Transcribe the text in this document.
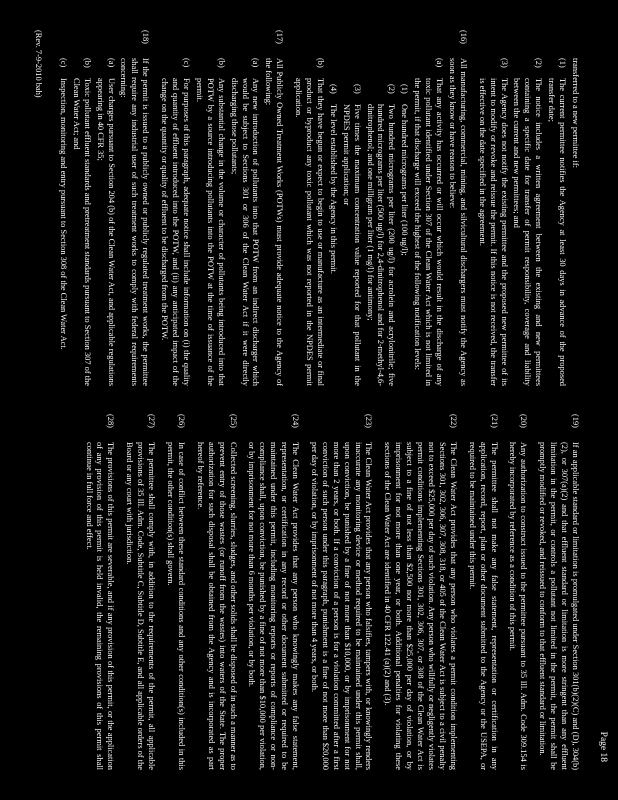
Page 18

transferred to a new permittee if:

(1)
The current permittee notifies the Agency at least 30 days in advance of the proposed transfer date;
(2)
The notice includes a written agreement between the existing and new permittees containing a specific date for transfer of permit responsibility, coverage and liability between the current and new permittees; and
(3)
The Agency does not notify the existing permittee and the proposed new permittee of its intent to modify or revoke and reissue the permit. If this notice is not received, the transfer is effective on the date specified in the agreement.
(16)

All manufacturing, commercial, mining, and silvicultural dischargers must notify the Agency as soon as they know or have reason to believe:

(a)
That any activity has occurred or will occur which would result in the discharge of any toxic pollutant identified under Section 307 of the Clean Water Act which is not limited in the permit, if that discharge will exceed the highest of the following notification levels:
(1)
One hundred micrograms per liter (100 ug/l);
(2)
Two hundred micrograms per liter (200 ug/l) for acrolein and acrylonitrile; five hundred micrograms per liter (500 ug/l) for 2,4-dinitrophenol and for 2-methyl-4,6-dinitrophenol; and one milligram per liter (1 mg/l) for antimony;
(3)
Five times the maximum concentration value reported for that pollutant in the NPDES permit application; or
(4)
The level established by the Agency in this permit.
(b)
That they have begun or expect to begin to use or manufacture as an intermediate or final product or byproduct any toxic pollutant which was not reported in the NPDES permit application.
(17)

All Publicly Owned Treatment Works (POTWs) must provide adequate notice to the Agency of the following:

(a)
Any new introduction of pollutants into that POTW from an indirect discharger which would be subject to Sections 301 or 306 of the Clean Water Act if it were directly discharging those pollutants;
(b)
Any substantial change in the volume or character of pollutants being introduced into that POTW by a source introducing pollutants into the POTW at the time of issuance of the permit.
(c)
For purposes of this paragraph, adequate notice shall include information on (i) the quality and quantity of effluent introduced into the POTW, and (ii) any anticipated impact of the change on the quantity or quality of effluent to be discharged from the POTW.
(18)

If the permit is issued to a publicly owned or publicly regulated treatment works, the permittee shall require any industrial user of such treatment works to comply with federal requirements concerning:

(a)
User charges pursuant to Section 204 (b) of the Clean Water Act, and applicable regulations appearing in 40 CFR 35;
(b)
Toxic pollutant effluent standards and pretreatment standards pursuant to Section 307 of the Clean Water Act; and
(c)
Inspection, monitoring and entry pursuant to Section 308 of the Clean Water Act.
(Rev. 7-9-2010 bah)
(19)

If an applicable standard or limitation is promulgated under Section 301(b)(2)(C) and (D), 304(b)(2), or 307(a)(2) and that effluent standard or limitation is more stringent than any effluent limitation in the permit, or controls a pollutant not limited in the permit, the permit shall be promptly modified or revoked, and reissued to conform to that effluent standard or limitation.

(20)

Any authorization to construct issued to the permittee pursuant to 35 Ill. Adm. Code 309.154 is hereby incorporated by reference as a condition of this permit.

(21)

The permittee shall not make any false statement, representation or certification in any application, record, report, plan or other document submitted to the Agency or the USEPA, or required to be maintained under this permit.

(22)

The Clean Water Act provides that any person who violates a permit condition implementing Sections 301, 302, 306, 307, 308, 318, or 405 of the Clean Water Act is subject to a civil penalty not to exceed $25,000 per day of such violation. Any person who willfully or negligently violates permit conditions implementing Sections 301, 302, 306, 307, or 308 of the Clean Water Act is subject to a fine of not less than $2,500 nor more than $25,000 per day of violation, or by imprisonment for not more than one year, or both. Additional penalties for violating these sections of the Clean Water Act are identified in 40 CFR 122.41 (a)(2) and (3).

(23)

The Clean Water Act provides that any person who falsifies, tampers with, or knowingly renders inaccurate any monitoring device or method required to be maintained under this permit shall, upon conviction, be punished by a fine of not more than $10,000, or by imprisonment for not more than 2 years, or both. If a conviction of a person is for a violation committed after a first conviction of such person under this paragraph, punishment is a fine of not more than $20,000 per day of violation, or by imprisonment of not more than 4 years, or both.

(24)

The Clean Water Act provides that any person who knowingly makes any false statement, representation, or certification in any record or other document submitted or required to be maintained under this permit, including monitoring reports or reports of compliance or non-compliance shall, upon conviction, be punished by a fine of not more than $10,000 per violation, or by imprisonment for not more than 6 months per violation, or by both.

(25)

Collected screening, slurries, sludges, and other solids shall be disposed of in such a manner as to prevent entry of those wastes (or runoff from the wastes) into waters of the State. The proper authorization for such disposal shall be obtained from the Agency and is incorporated as part hereof by reference.

(26)

In case of conflict between these standard conditions and any other condition(s) included in this permit, the other condition(s) shall govern.

(27)

The permittee shall comply with, in addition to the requirements of the permit, all applicable provisions of 35 Ill. Adm. Code, Subtitle C, Subtitle D, Subtitle E, and all applicable orders of the Board or any court with jurisdiction.

(28)

The provisions of this permit are severable, and if any provision of this permit, or the application of any provision of this permit is held invalid, the remaining provisions of this permit shall continue in full force and effect.
